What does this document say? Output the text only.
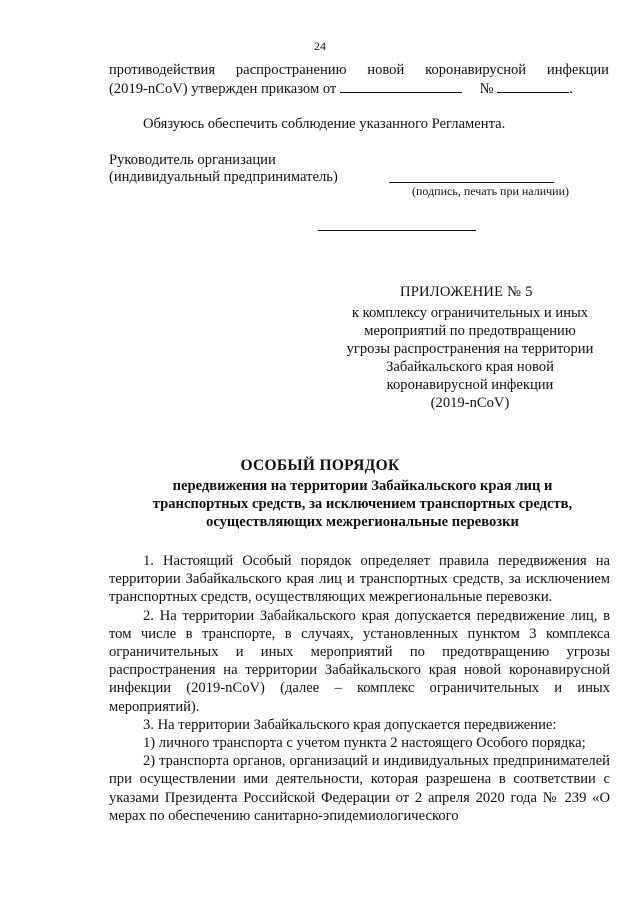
24
противодействия распространению новой коронавирусной инфекции
(2019-nCoV) утвержден приказом от	№	.
Обязуюсь обеспечить соблюдение указанного Регламента.
Руководитель организации
(индивидуальный предприниматель)
(подпись, печать при наличии)
ПРИЛОЖЕНИЕ № 5
к комплексу ограничительных и иных
мероприятий по предотвращению
угрозы распространения на территории
Забайкальского края новой
коронавирусной инфекции
(2019-nCoV)
ОСОБЫЙ ПОРЯДОК
передвижения на территории Забайкальского края лиц и
транспортных средств, за исключением транспортных средств,
осуществляющих межрегиональные перевозки

1. Настоящий Особый порядок определяет правила передвижения на территории Забайкальского края лиц и транспортных средств, за исключением транспортных средств, осуществляющих межрегиональные перевозки.

2. На территории Забайкальского края допускается передвижение лиц, в том числе в транспорте, в случаях, установленных пунктом 3 комплекса ограничительных и иных мероприятий по предотвращению угрозы распространения на территории Забайкальского края новой коронавирусной инфекции (2019-nCoV) (далее – комплекс ограничительных и иных мероприятий).

3. На территории Забайкальского края допускается передвижение:

1) личного транспорта с учетом пункта 2 настоящего Особого порядка;

2) транспорта органов, организаций и индивидуальных предпринимателей при осуществлении ими деятельности, которая разрешена в соответствии с указами Президента Российской Федерации от 2 апреля 2020 года № 239 «О мерах по обеспечению санитарно-эпидемиологического
